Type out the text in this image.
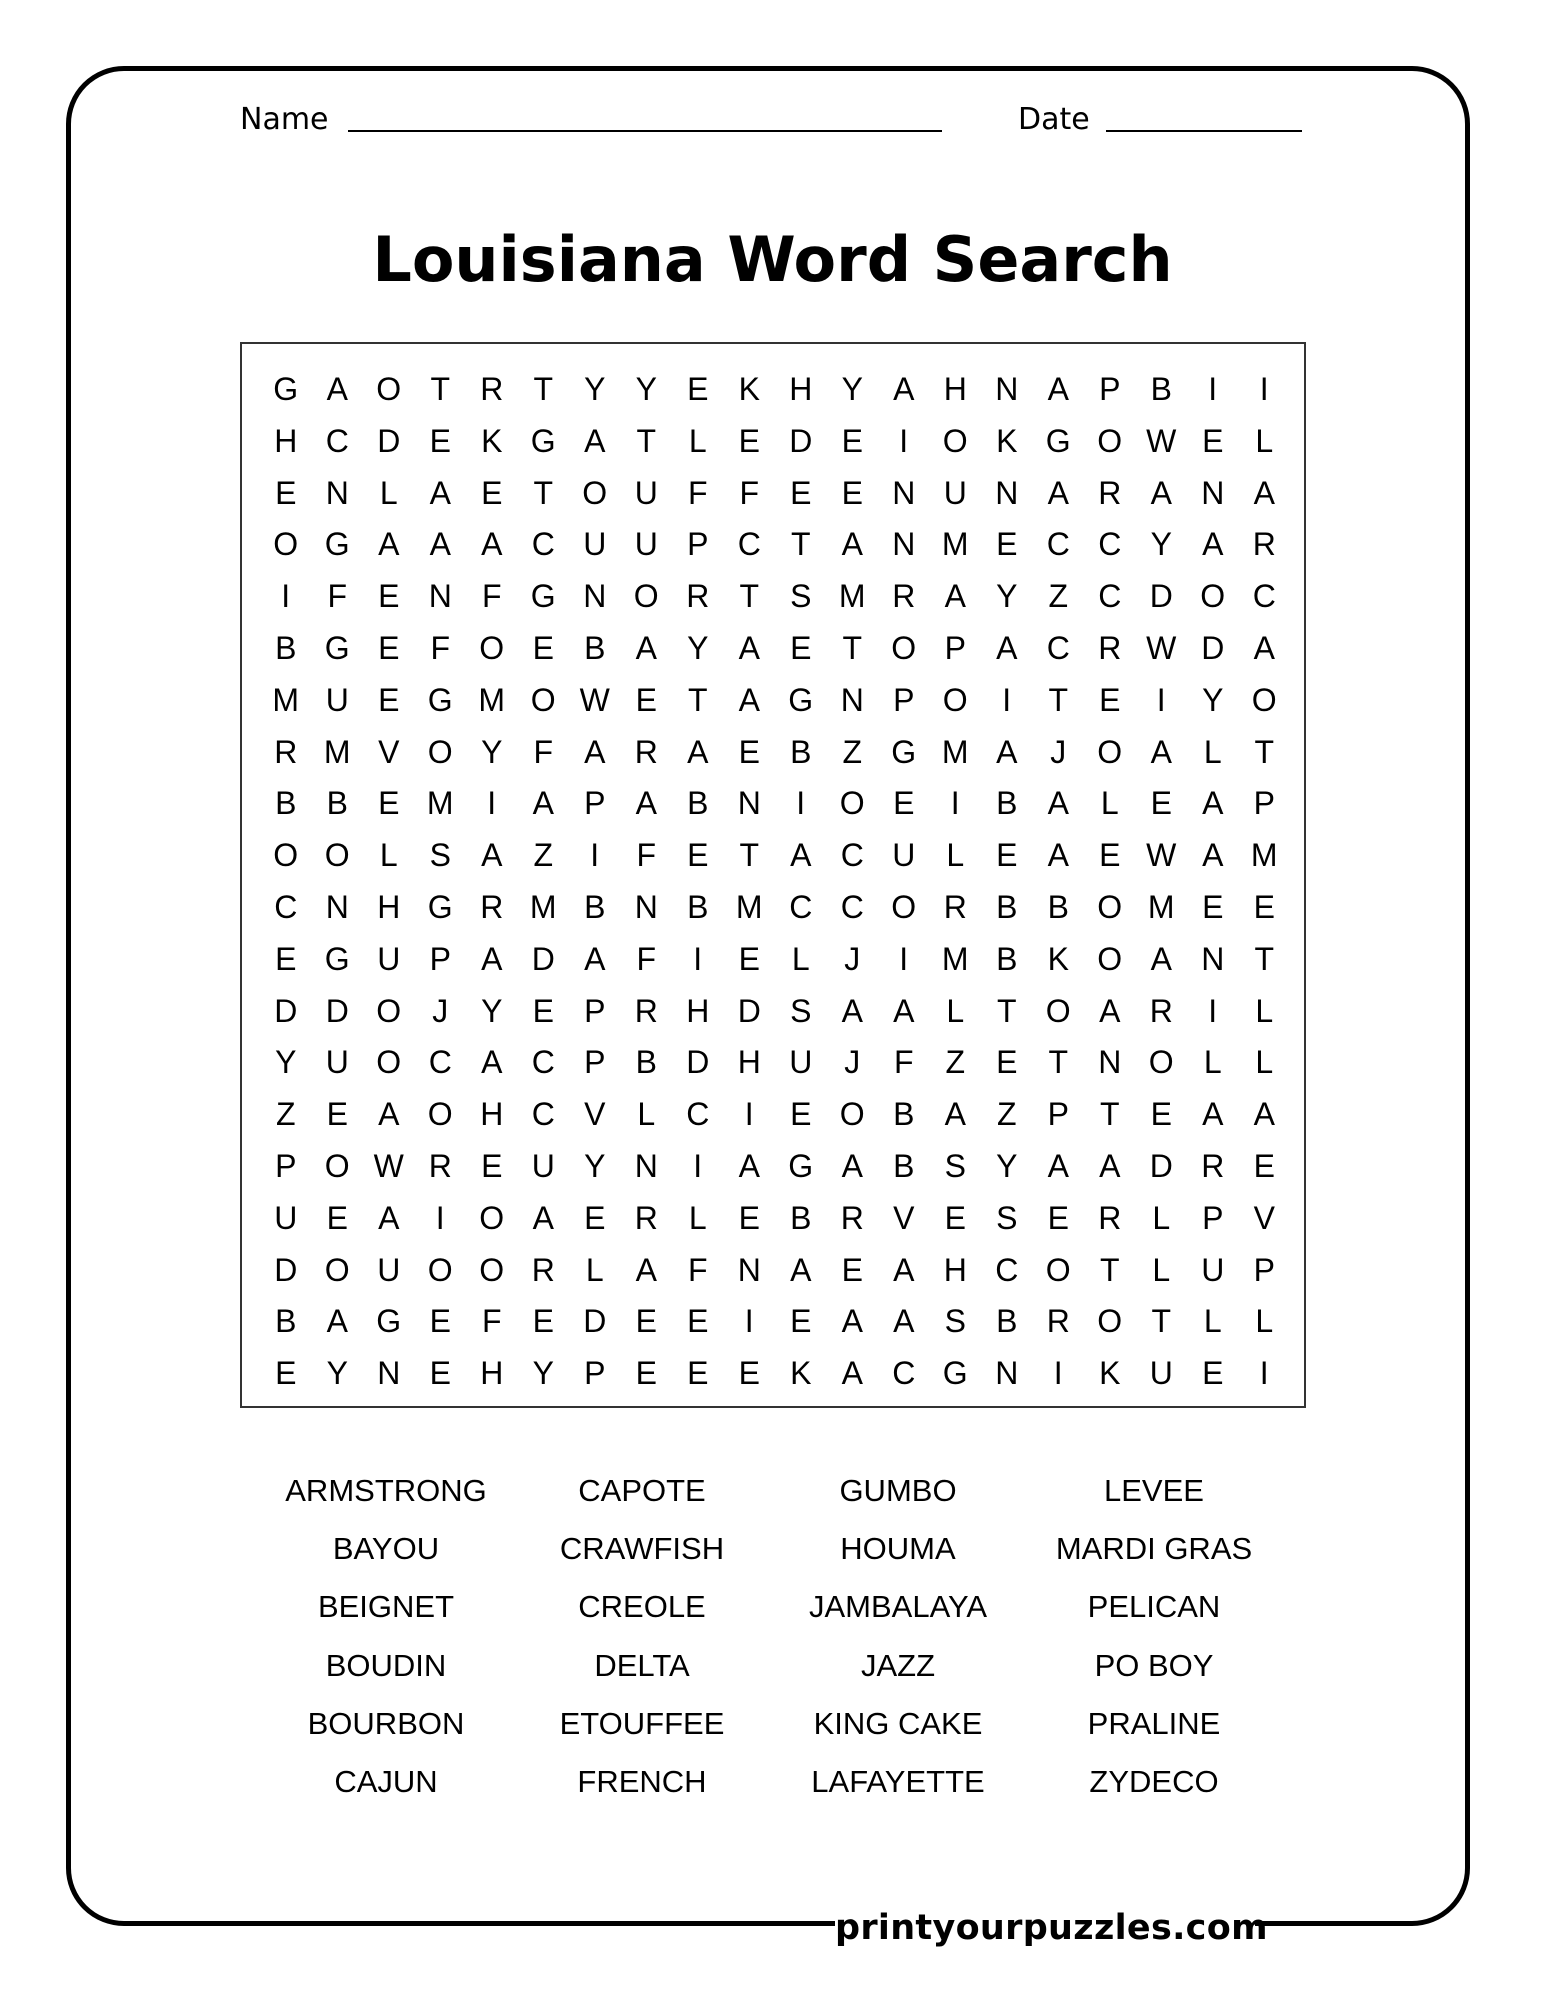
Name	Date
Louisiana Word Search
G A O T R T Y Y E K H Y A H N A P B	I	I
H C D E K G A T	L E D E	I	O K G O W E L
E N L A E T O U F F E E N U N A R A N A
O G A A A C U U P C T A N M E C C Y A R
I	F E N F G N O R T S M R A Y Z C D O C
B G E F O E B A Y A E T O P A C R W D A
M U E G M O W E T A G N P O	I	T E	I	Y O
R M V O Y F A R A E B Z G M A	J O A L	T
B B E M	I	A P A B N	I	O E	I	B A L E A P
O O L S A Z	I	F E T A C U L E A E W A M
C N H G R M B N B M C C O R B B O M E E
E G U P A D A F	I	E L	J	I	M B K O A N T
D D O J	Y E P R H D S A A L	T O A R	I	L
Y U O C A C P B D H U J	F Z E T N O L	L
Z E A O H C V L C	I	E O B A Z P T E A A
P O W R E U Y N	I	A G A B S Y A A D R E
U E A	I	O A E R L E B R V E S E R L P V
D O U O O R L A F N A E A H C O T	L U P
B A G E F E D E E	I	E A A S B R O T	L	L
E Y N E H Y P E E E K A C G N	I	K U E	I
ARMSTRONG	CAPOTE	GUMBO	LEVEE
BAYOU	CRAWFISH	HOUMA	MARDI GRAS
BEIGNET	CREOLE	JAMBALAYA	PELICAN
BOUDIN	DELTA	JAZZ	PO BOY
BOURBON	ETOUFFEE	KING CAKE	PRALINE
CAJUN	FRENCH	LAFAYETTE	ZYDECO
printyourpuzzles.com
